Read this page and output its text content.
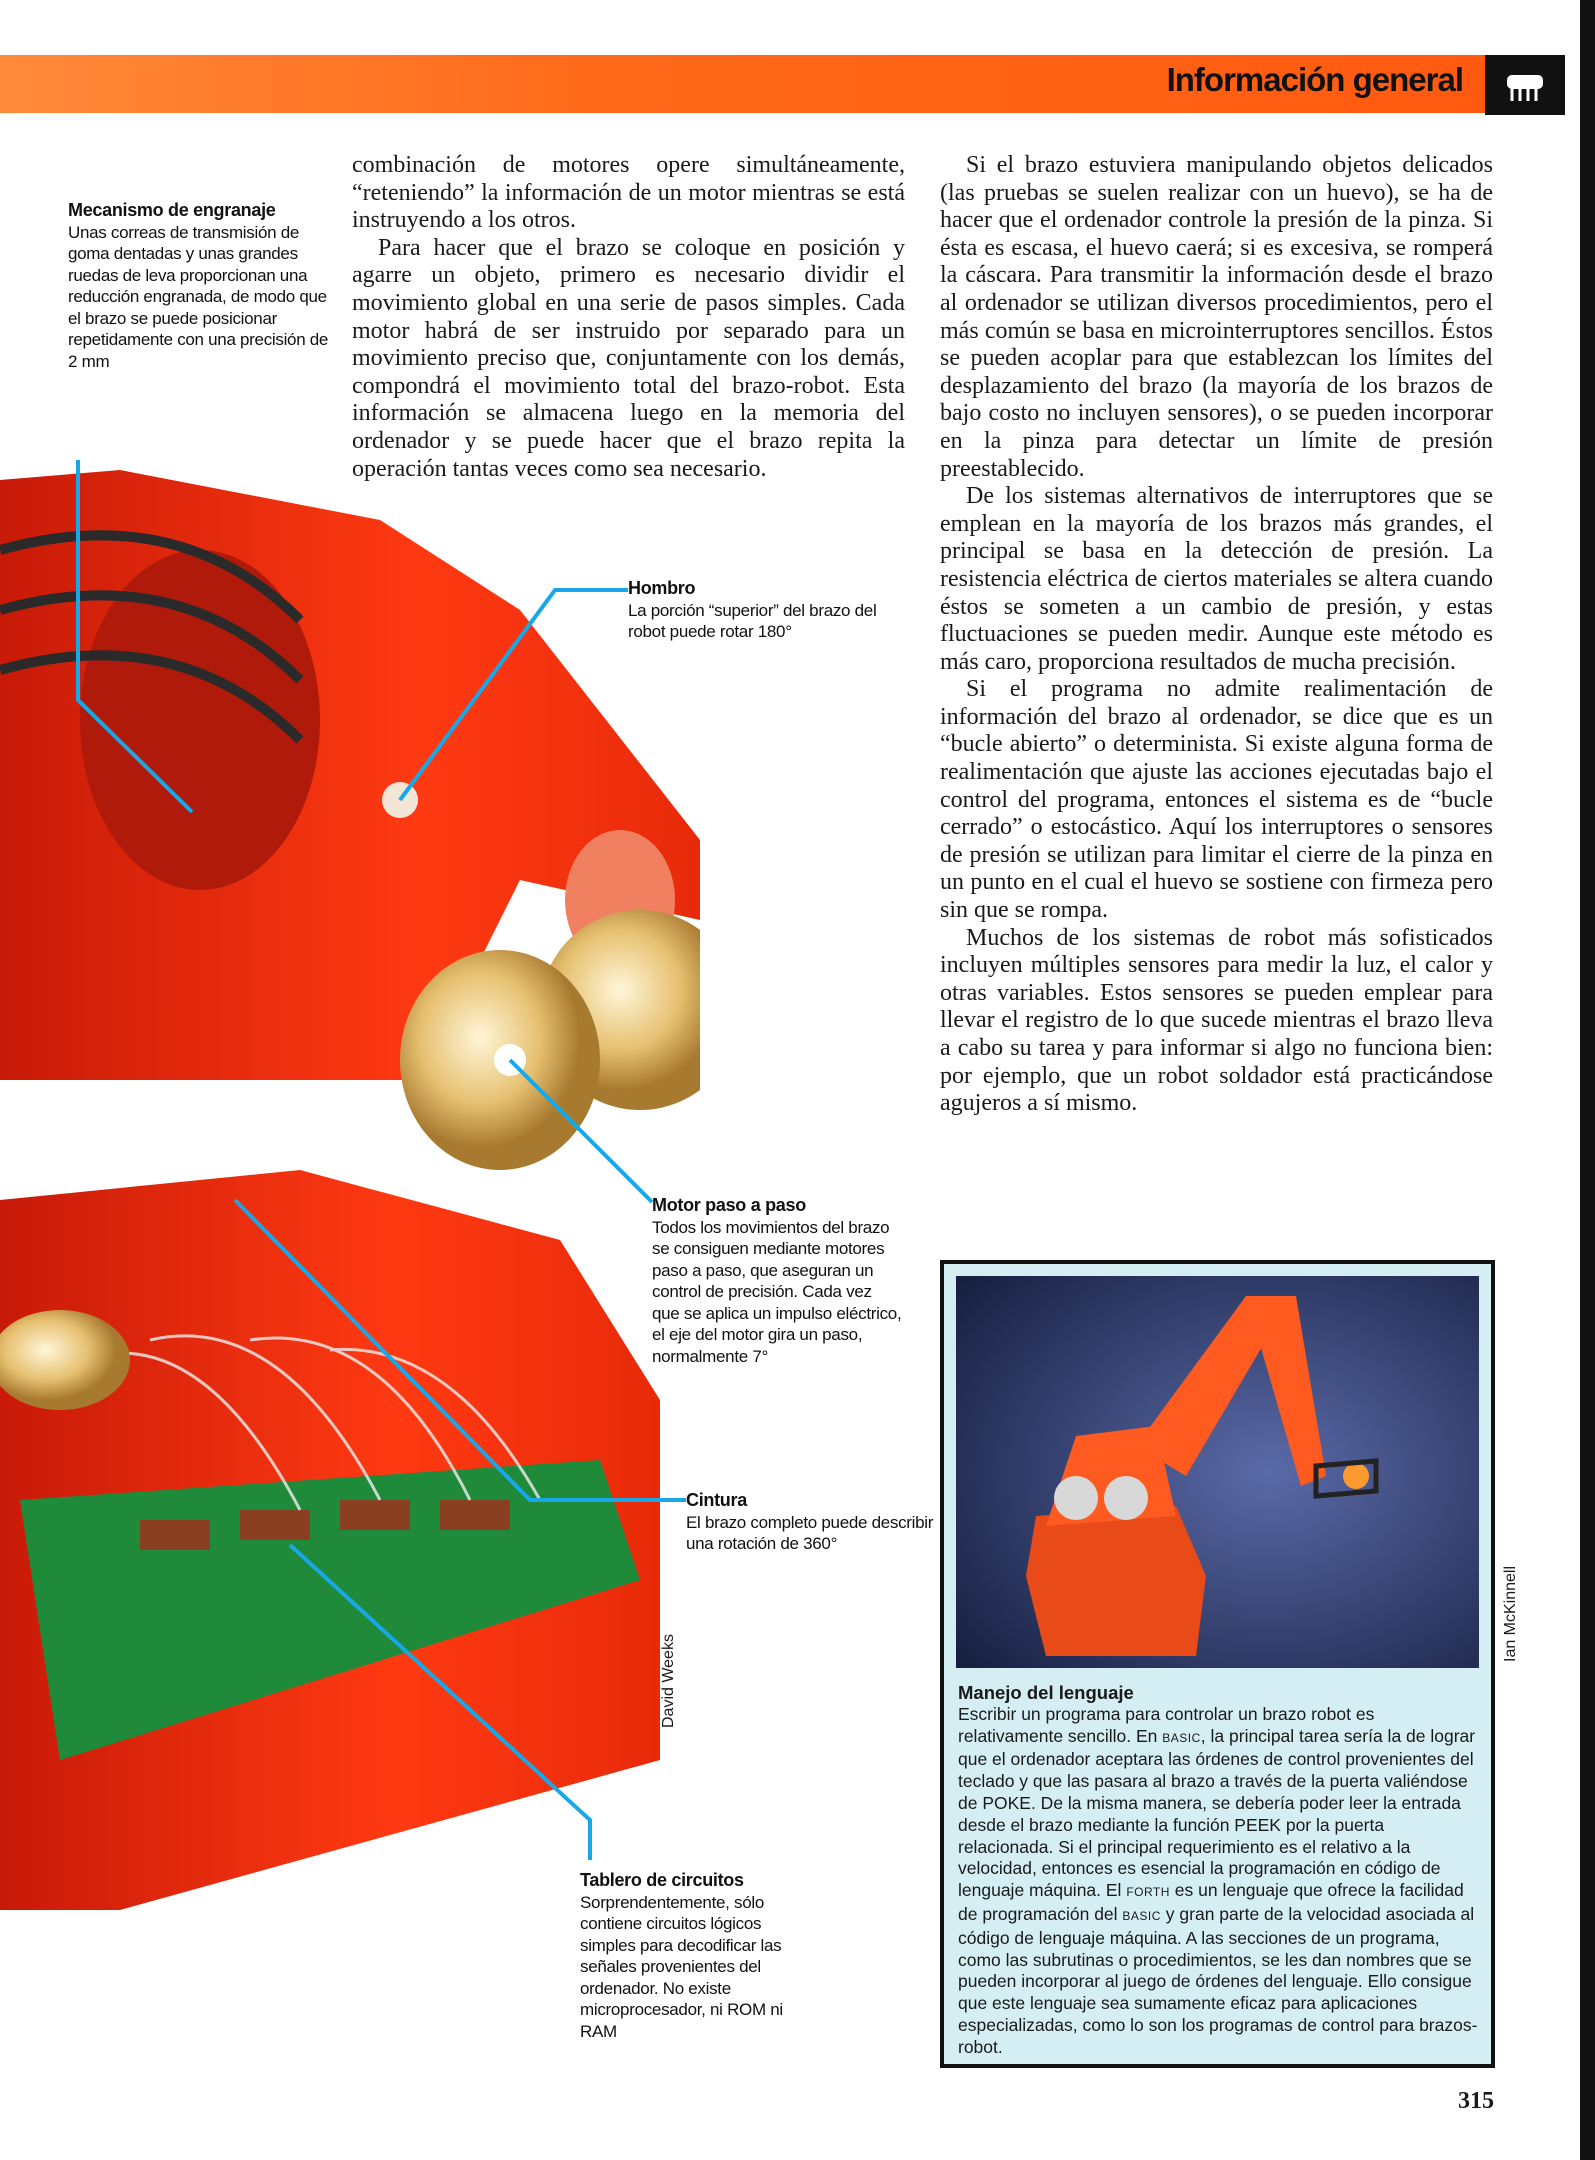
Información general
Mecanismo de engranaje
Unas correas de transmisión de goma dentadas y unas grandes ruedas de leva proporcionan una reducción engranada, de modo que el brazo se puede posicionar repetidamente con una precisión de 2 mm
Hombro
La porción “superior” del brazo del robot puede rotar 180°
Motor paso a paso
Todos los movimientos del brazo se consiguen mediante motores paso a paso, que aseguran un control de precisión. Cada vez que se aplica un impulso eléctrico, el eje del motor gira un paso, normalmente 7°
Cintura
El brazo completo puede describir una rotación de 360°
Tablero de circuitos
Sorprendentemente, sólo contiene circuitos lógicos simples para decodificar las señales provenientes del ordenador. No existe microprocesador, ni ROM ni RAM
David Weeks

combinación de motores opere simultáneamente, “reteniendo” la información de un motor mientras se está instruyendo a los otros.

Para hacer que el brazo se coloque en posición y agarre un objeto, primero es necesario dividir el movimiento global en una serie de pasos simples. Cada motor habrá de ser instruido por separado para un movimiento preciso que, conjuntamente con los demás, compondrá el movimiento total del brazo-robot. Esta información se almacena luego en la memoria del ordenador y se puede hacer que el brazo repita la operación tantas veces como sea necesario.

Si el brazo estuviera manipulando objetos delicados (las pruebas se suelen realizar con un huevo), se ha de hacer que el ordenador controle la presión de la pinza. Si ésta es escasa, el huevo caerá; si es excesiva, se romperá la cáscara. Para transmitir la información desde el brazo al ordenador se utilizan diversos procedimientos, pero el más común se basa en microinterruptores sencillos. Éstos se pueden acoplar para que establezcan los límites del desplazamiento del brazo (la mayoría de los brazos de bajo costo no incluyen sensores), o se pueden incorporar en la pinza para detectar un límite de presión preestablecido.

De los sistemas alternativos de interruptores que se emplean en la mayoría de los brazos más grandes, el principal se basa en la detección de presión. La resistencia eléctrica de ciertos materiales se altera cuando éstos se someten a un cambio de presión, y estas fluctuaciones se pueden medir. Aunque este método es más caro, proporciona resultados de mucha precisión.

Si el programa no admite realimentación de información del brazo al ordenador, se dice que es un “bucle abierto” o determinista. Si existe alguna forma de realimentación que ajuste las acciones ejecutadas bajo el control del programa, entonces el sistema es de “bucle cerrado” o estocástico. Aquí los interruptores o sensores de presión se utilizan para limitar el cierre de la pinza en un punto en el cual el huevo se sostiene con firmeza pero sin que se rompa.

Muchos de los sistemas de robot más sofisticados incluyen múltiples sensores para medir la luz, el calor y otras variables. Estos sensores se pueden emplear para llevar el registro de lo que sucede mientras el brazo lleva a cabo su tarea y para informar si algo no funciona bien: por ejemplo, que un robot soldador está practicándose agujeros a sí mismo.

Manejo del lenguaje
Escribir un programa para controlar un brazo robot es relativamente sencillo. En BASIC, la principal tarea sería la de lograr que el ordenador aceptara las órdenes de control provenientes del teclado y que las pasara al brazo a través de la puerta valiéndose de POKE. De la misma manera, se debería poder leer la entrada desde el brazo mediante la función PEEK por la puerta relacionada. Si el principal requerimiento es el relativo a la velocidad, entonces es esencial la programación en código de lenguaje máquina. El FORTH es un lenguaje que ofrece la facilidad de programación del BASIC y gran parte de la velocidad asociada al código de lenguaje máquina. A las secciones de un programa, como las subrutinas o procedimientos, se les dan nombres que se pueden incorporar al juego de órdenes del lenguaje. Ello consigue que este lenguaje sea sumamente eficaz para aplicaciones especializadas, como lo son los programas de control para brazos-robot.
Ian McKinnell
315
